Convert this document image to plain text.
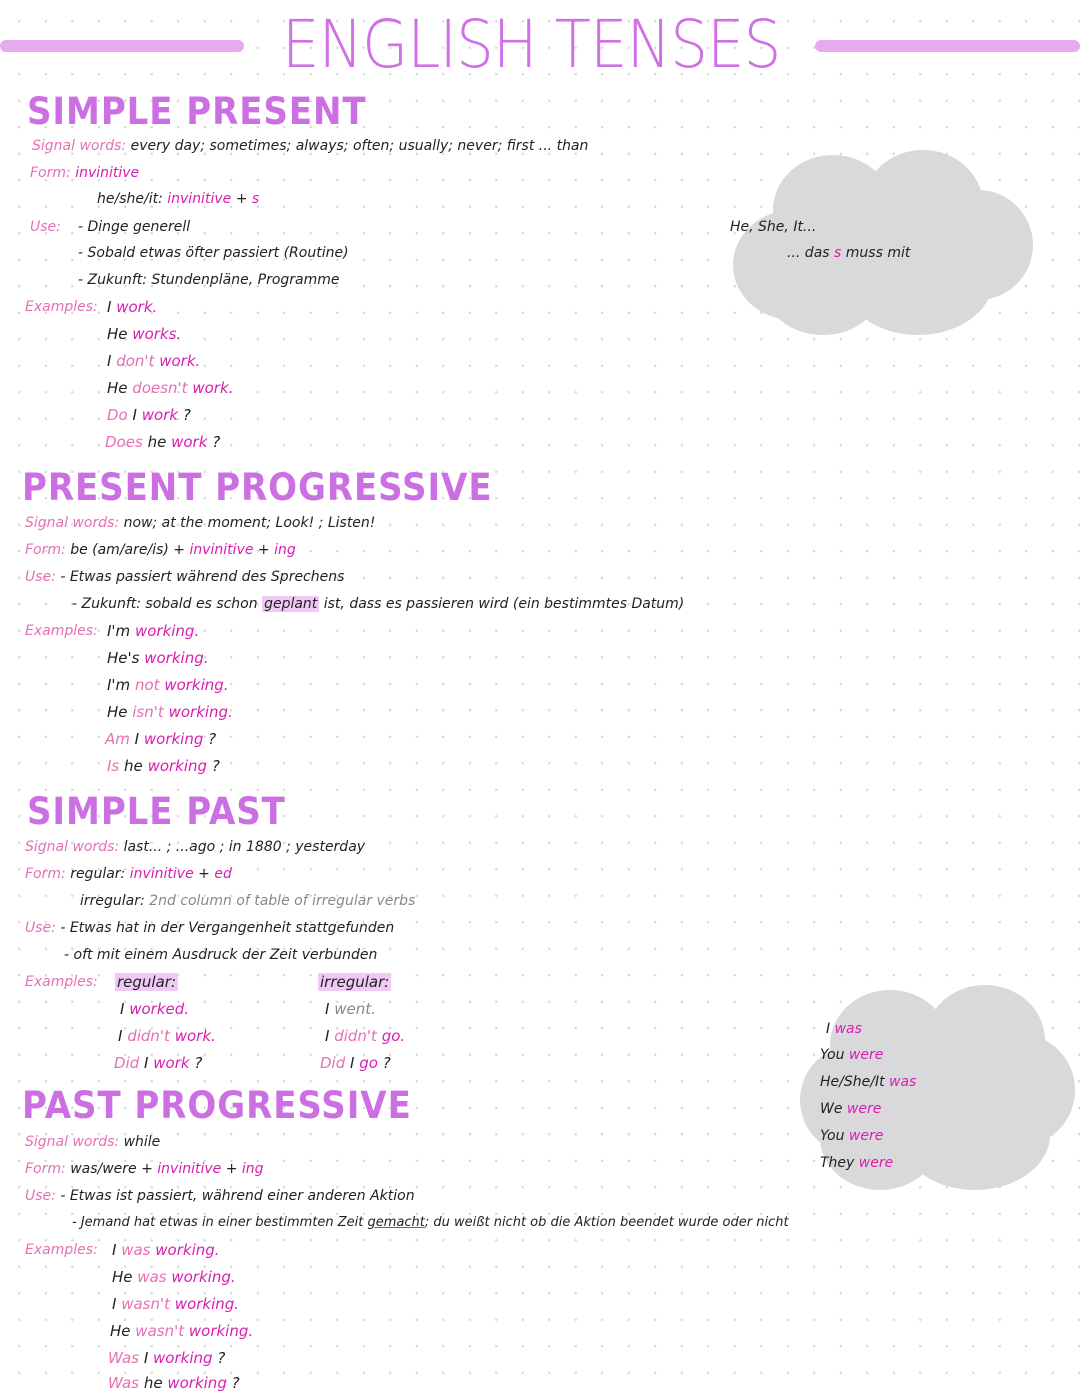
ENGLISH TENSES
He, She, It...
... das s muss mit
I was
You were
He/She/It was
We were
You were
They were
SIMPLE PRESENT
Signal words: every day; sometimes; always; often; usually; never; first ... than
Form: invinitive
he/she/it: invinitive + s
Use: - Dinge generell
- Sobald etwas öfter passiert (Routine)
- Zukunft: Stundenpläne, Programme
Examples: I work.
He works.
I don't work.
He doesn't work.
Do I work ?
Does he work ?
PRESENT PROGRESSIVE
Signal words: now; at the moment; Look! ; Listen!
Form: be (am/are/is) + invinitive + ing
Use: - Etwas passiert während des Sprechens
- Zukunft: sobald es schon geplant ist, dass es passieren wird (ein bestimmtes Datum)
Examples: I'm working.
He's working.
I'm not working.
He isn't working.
Am I working ?
Is he working ?
SIMPLE PAST
Signal words: last... ; ...ago ; in 1880 ; yesterday
Form: regular: invinitive + ed
irregular: 2nd column of table of irregular verbs
Use: - Etwas hat in der Vergangenheit stattgefunden
- oft mit einem Ausdruck der Zeit verbunden
Examples: regular:
I worked.
I didn't work.
Did I work ?
irregular:
I went.
I didn't go.
Did I go ?
PAST PROGRESSIVE
Signal words: while
Form: was/were + invinitive + ing
Use: - Etwas ist passiert, während einer anderen Aktion
- Jemand hat etwas in einer bestimmten Zeit gemacht; du weißt nicht ob die Aktion beendet wurde oder nicht
Examples: I was working.
He was working.
I wasn't working.
He wasn't working.
Was I working ?
Was he working ?
